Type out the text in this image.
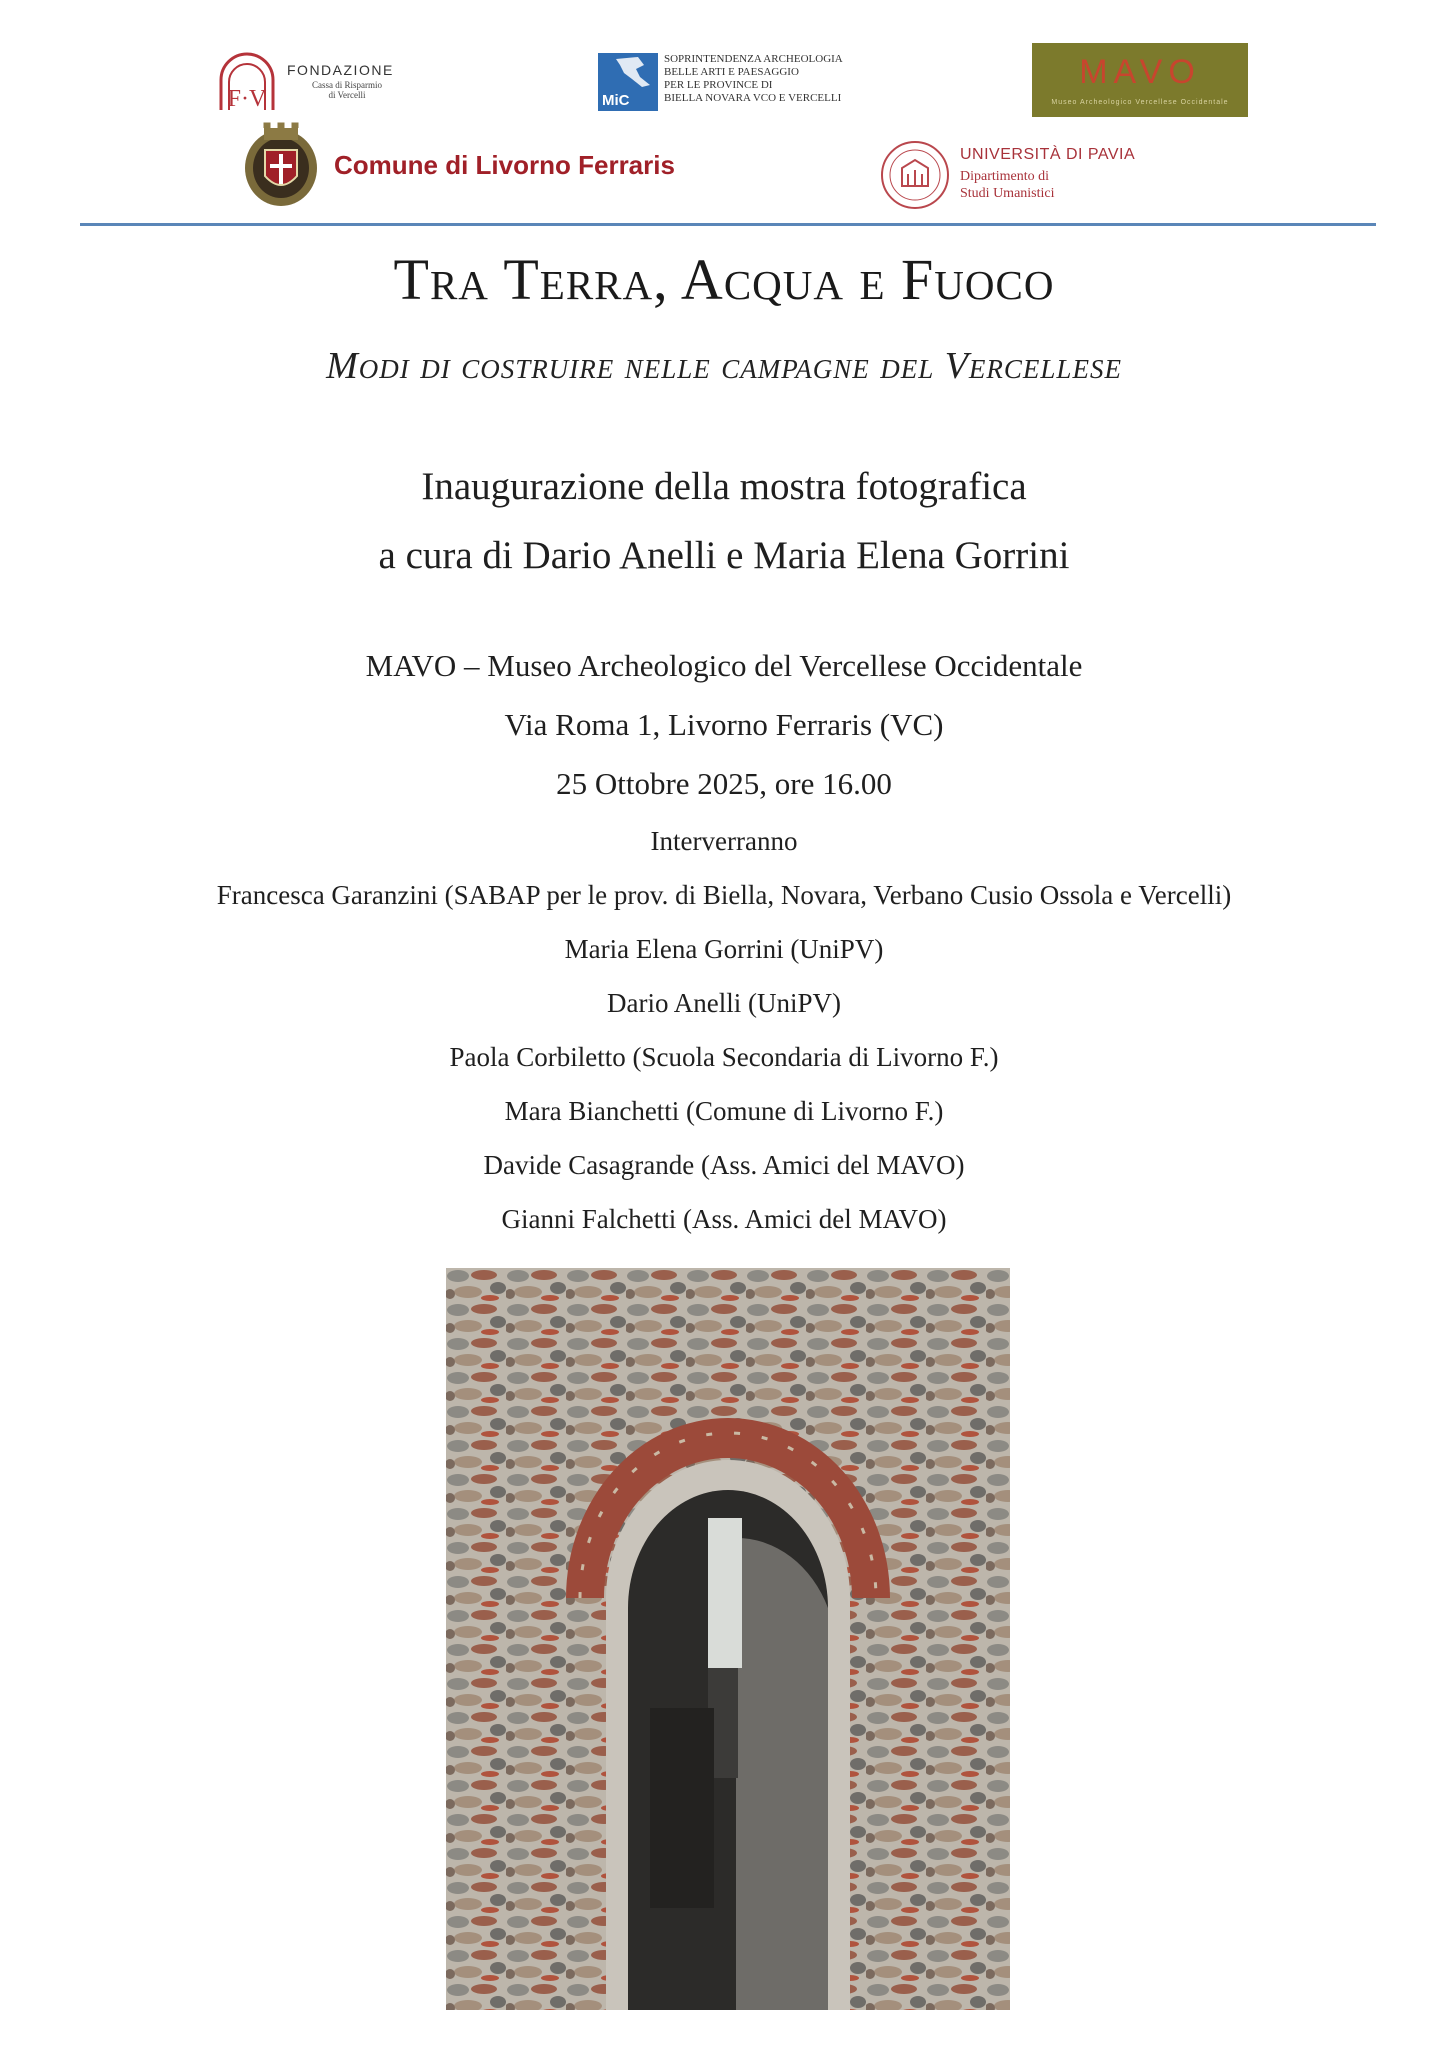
F·V
FONDAZIONE
Cassa di Risparmio
di Vercelli	MiC
SOPRINTENDENZA ARCHEOLOGIA
BELLE ARTI E PAESAGGIO
PER LE PROVINCE DI
BIELLA NOVARA VCO E VERCELLI
MAVO
Museo Archeologico Vercellese Occidentale
Comune di Livorno Ferraris	UNIVERSITÀ DI PAVIA
Dipartimento di
Studi Umanistici
Tra Terra, Acqua e Fuoco
Modi di costruire nelle campagne del Vercellese
Inaugurazione della mostra fotografica
a cura di Dario Anelli e Maria Elena Gorrini
MAVO – Museo Archeologico del Vercellese Occidentale
Via Roma 1, Livorno Ferraris (VC)
25 Ottobre 2025, ore 16.00
Interverranno
Francesca Garanzini (SABAP per le prov. di Biella, Novara, Verbano Cusio Ossola e Vercelli)
Maria Elena Gorrini (UniPV)
Dario Anelli (UniPV)
Paola Corbiletto (Scuola Secondaria di Livorno F.)
Mara Bianchetti (Comune di Livorno F.)
Davide Casagrande (Ass. Amici del MAVO)
Gianni Falchetti (Ass. Amici del MAVO)
